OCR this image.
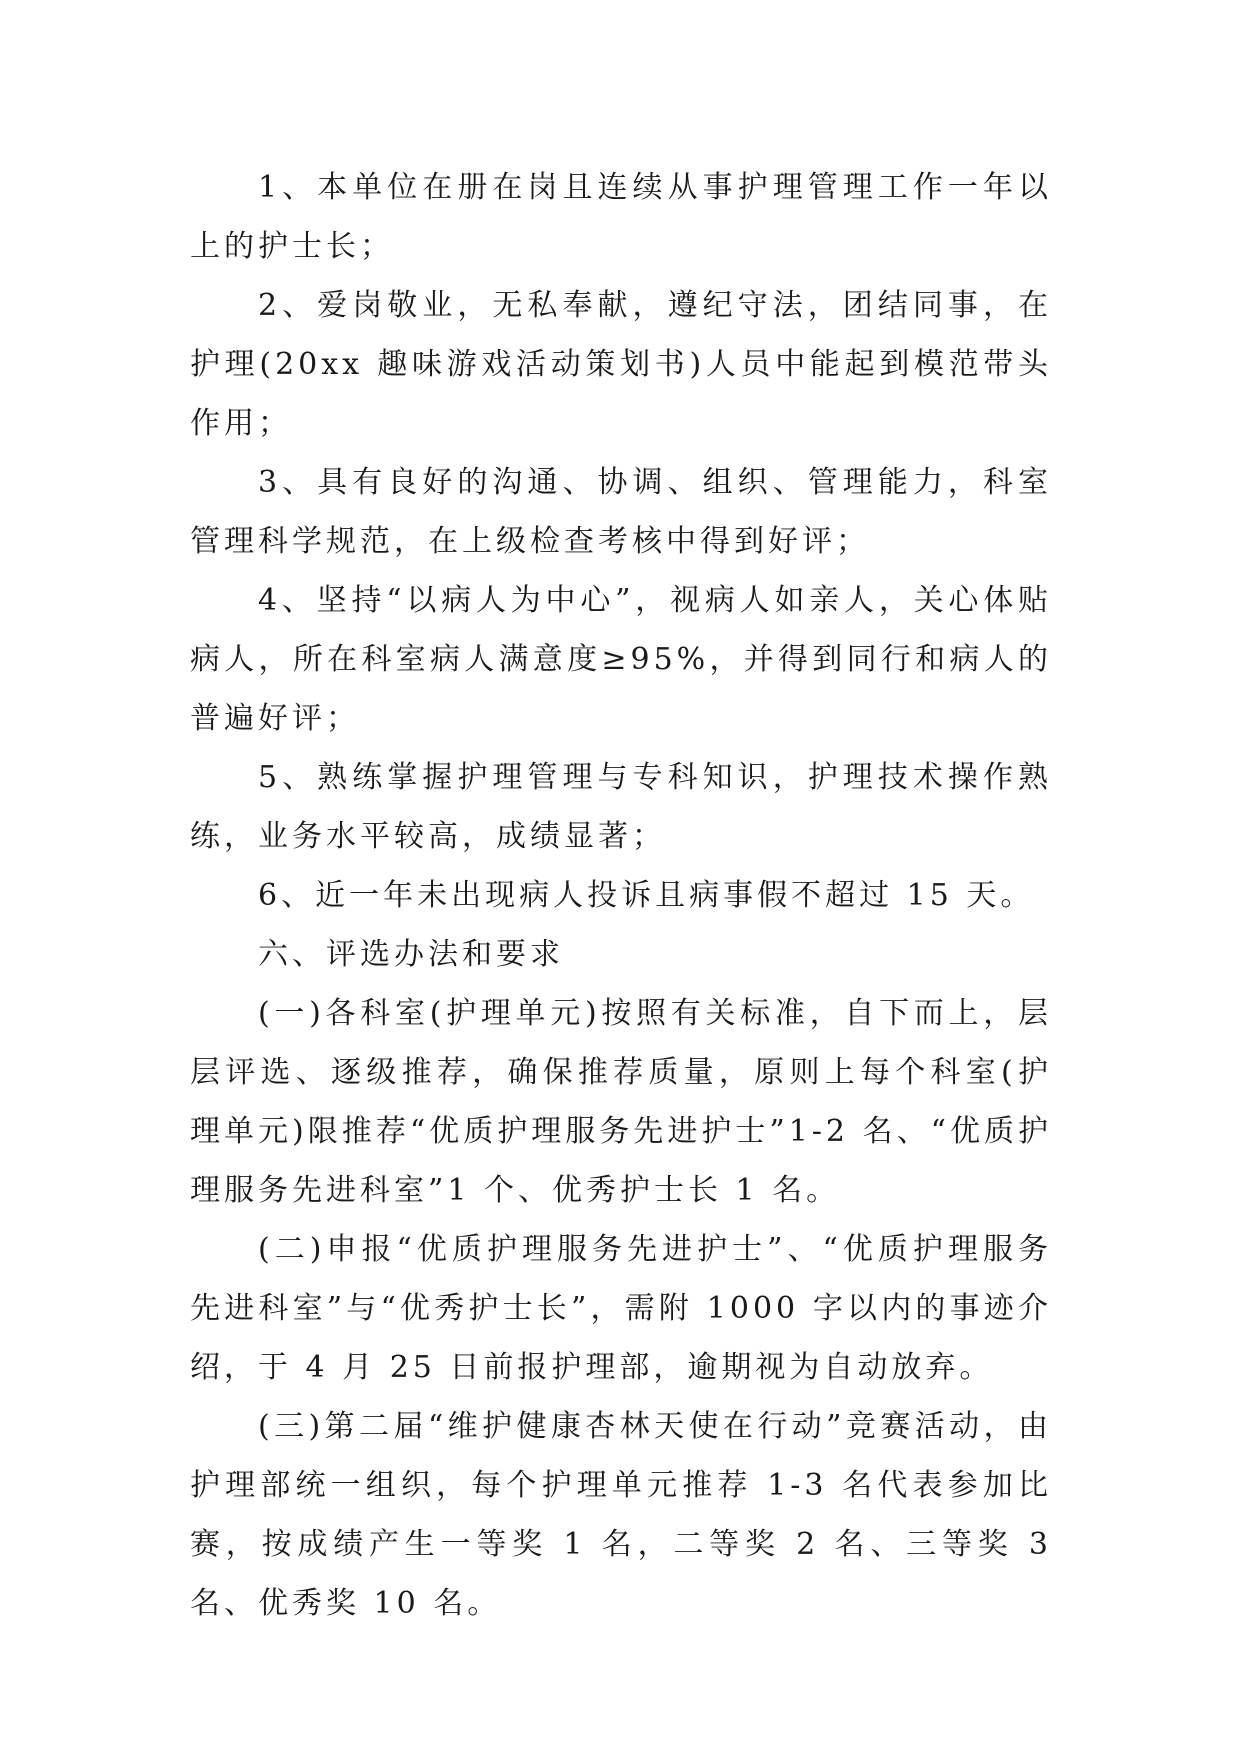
1、本单位在册在岗且连续从事护理管理工作一年以上的护士长；

2、爱岗敬业，无私奉献，遵纪守法，团结同事，在护理(20xx 趣味游戏活动策划书)人员中能起到模范带头作用；

3、具有良好的沟通、协调、组织、管理能力，科室管理科学规范，在上级检查考核中得到好评；

4、坚持“以病人为中心”，视病人如亲人，关心体贴病人，所在科室病人满意度≥95%，并得到同行和病人的普遍好评；

5、熟练掌握护理管理与专科知识，护理技术操作熟练，业务水平较高，成绩显著；

6、近一年未出现病人投诉且病事假不超过 15 天。

六、评选办法和要求

(一)各科室(护理单元)按照有关标准，自下而上，层层评选、逐级推荐，确保推荐质量，原则上每个科室(护理单元)限推荐“优质护理服务先进护士”1-2 名、“优质护理服务先进科室”1 个、优秀护士长 1 名。

(二)申报“优质护理服务先进护士”、“优质护理服务先进科室”与“优秀护士长”，需附 1000 字以内的事迹介绍，于 4 月 25 日前报护理部，逾期视为自动放弃。

(三)第二届“维护健康杏林天使在行动”竞赛活动，由护理部统一组织，每个护理单元推荐 1-3 名代表参加比赛，按成绩产生一等奖 1 名，二等奖 2 名、三等奖 3 名、优秀奖 10 名。
